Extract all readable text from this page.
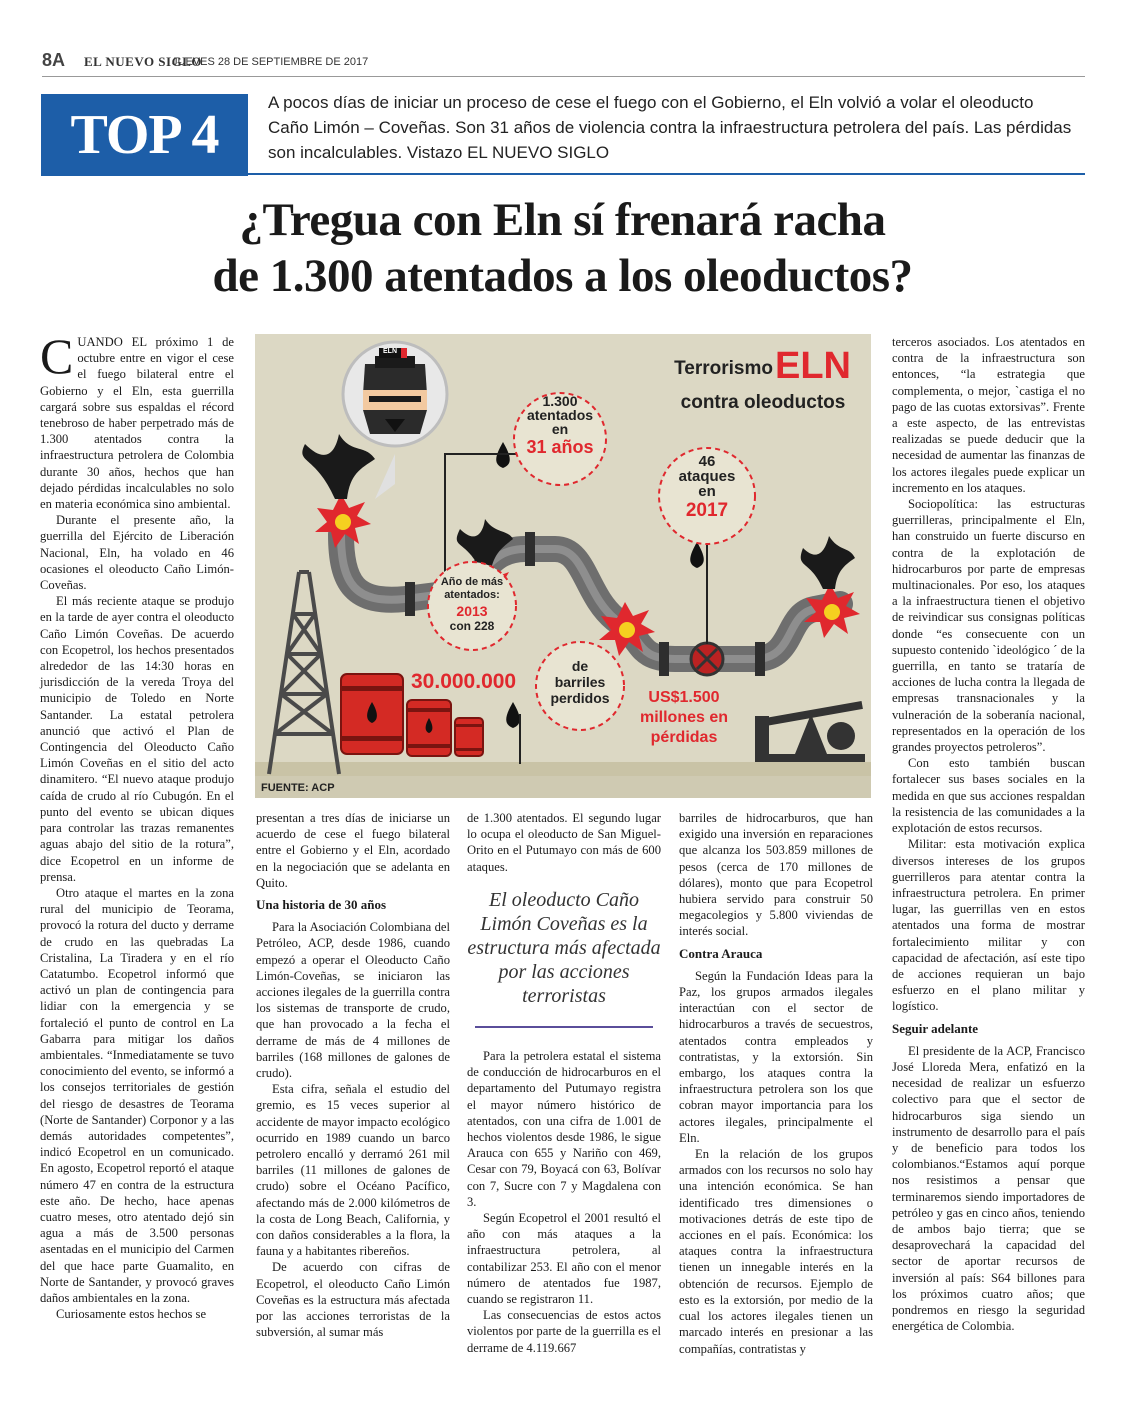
8A EL NUEVO SIGLO
JUEVES 28 DE SEPTIEMBRE DE 2017
TOP 4
A pocos días de iniciar un proceso de cese el fuego con el Gobierno, el Eln volvió a volar el oleoducto Caño Limón – Coveñas. Son 31 años de violencia contra la infraestructura petrolera del país. Las pérdidas son incalculables. Vistazo EL NUEVO SIGLO
¿Tregua con Eln sí frenará racha
de 1.300 atentados a los oleoductos?

CUANDO EL próximo 1 de octubre entre en vigor el cese el fuego bilateral entre el Gobierno y el Eln, esta guerrilla cargará sobre sus espaldas el récord tenebroso de haber perpetrado más de 1.300 atentados contra la infraestructura petrolera de Colombia durante 30 años, hechos que han dejado pérdidas incalculables no solo en materia económica sino ambiental.

Durante el presente año, la guerrilla del Ejército de Liberación Nacional, Eln, ha volado en 46 ocasiones el oleoducto Caño Limón-Coveñas.

El más reciente ataque se produjo en la tarde de ayer contra el oleoducto Caño Limón Coveñas. De acuerdo con Ecopetrol, los hechos presentados alrededor de las 14:30 horas en jurisdicción de la vereda Troya del municipio de Toledo en Norte Santander. La estatal petrolera anunció que activó el Plan de Contingencia del Oleoducto Caño Limón Coveñas en el sitio del acto dinamitero. “El nuevo ataque produjo caída de crudo al río Cubugón. En el punto del evento se ubican diques para controlar las trazas remanentes aguas abajo del sitio de la rotura”, dice Ecopetrol en un informe de prensa.

Otro ataque el martes en la zona rural del municipio de Teorama, provocó la rotura del ducto y derrame de crudo en las quebradas La Cristalina, La Tiradera y en el río Catatumbo. Ecopetrol informó que activó un plan de contingencia para lidiar con la emergencia y se fortaleció el punto de control en La Gabarra para mitigar los daños ambientales. “Inmediatamente se tuvo conocimiento del evento, se informó a los consejos territoriales de gestión del riesgo de desastres de Teorama (Norte de Santander) Corponor y a las demás autoridades competentes”, indicó Ecopetrol en un comunicado. En agosto, Ecopetrol reportó el ataque número 47 en contra de la estructura este año. De hecho, hace apenas cuatro meses, otro atentado dejó sin agua a más de 3.500 personas asentadas en el municipio del Carmen del que hace parte Guamalito, en Norte de Santander, y provocó graves daños ambientales en la zona.

Curiosamente estos hechos se

ELN
Terrorismo ELN
contra oleoductos
1.300
atentados
en
31 años
46
ataques
en
2017
Año de más
atentados:
2013
con 228
30.000.000
de
barriles
perdidos	US$1.500
millones en
pérdidas
FUENTE: ACP

presentan a tres días de iniciarse un acuerdo de cese el fuego bilateral entre el Gobierno y el Eln, acordado en la negociación que se adelanta en Quito.

Una historia de 30 años

Para la Asociación Colombiana del Petróleo, ACP, desde 1986, cuando empezó a operar el Oleoducto Caño Limón-Coveñas, se iniciaron las acciones ilegales de la guerrilla contra los sistemas de transporte de crudo, que han provocado a la fecha el derrame de más de 4 millones de barriles (168 millones de galones de crudo).

Esta cifra, señala el estudio del gremio, es 15 veces superior al accidente de mayor impacto ecológico ocurrido en 1989 cuando un barco petrolero encalló y derramó 261 mil barriles (11 millones de galones de crudo) sobre el Océano Pacífico, afectando más de 2.000 kilómetros de la costa de Long Beach, California, y con daños considerables a la flora, la fauna y a habitantes ribereños.

De acuerdo con cifras de Ecopetrol, el oleoducto Caño Limón Coveñas es la estructura más afectada por las acciones terroristas de la subversión, al sumar más

de 1.300 atentados. El segundo lugar lo ocupa el oleoducto de San Miguel-Orito en el Putumayo con más de 600 ataques.

El oleoducto Caño Limón Coveñas es la estructura más afectada por las acciones terroristas

Para la petrolera estatal el sistema de conducción de hidrocarburos en el departamento del Putumayo registra el mayor número histórico de atentados, con una cifra de 1.001 de hechos violentos desde 1986, le sigue Arauca con 655 y Nariño con 469, Cesar con 79, Boyacá con 63, Bolívar con 7, Sucre con 7 y Magdalena con 3.

Según Ecopetrol el 2001 resultó el año con más ataques a la infraestructura petrolera, al contabilizar 253. El año con el menor número de atentados fue 1987, cuando se registraron 11.

Las consecuencias de estos actos violentos por parte de la guerrilla es el derrame de 4.119.667

barriles de hidrocarburos, que han exigido una inversión en reparaciones que alcanza los 503.859 millones de pesos (cerca de 170 millones de dólares), monto que para Ecopetrol hubiera servido para construir 50 megacolegios y 5.800 viviendas de interés social.

Contra Arauca

Según la Fundación Ideas para la Paz, los grupos armados ilegales interactúan con el sector de hidrocarburos a través de secuestros, atentados contra empleados y contratistas, y la extorsión. Sin embargo, los ataques contra la infraestructura petrolera son los que cobran mayor importancia para los actores ilegales, principalmente el Eln.

En la relación de los grupos armados con los recursos no solo hay una intención económica. Se han identificado tres dimensiones o motivaciones detrás de este tipo de acciones en el país. Económica: los ataques contra la infraestructura tienen un innegable interés en la obtención de recursos. Ejemplo de esto es la extorsión, por medio de la cual los actores ilegales tienen un marcado interés en presionar a las compañías, contratistas y

terceros asociados. Los atentados en contra de la infraestructura son entonces, “la estrategia que complementa, o mejor, `castiga el no pago de las cuotas extorsivas”. Frente a este aspecto, de las entrevistas realizadas se puede deducir que la necesidad de aumentar las finanzas de los actores ilegales puede explicar un incremento en los ataques.

Sociopolítica: las estructuras guerrilleras, principalmente el Eln, han construido un fuerte discurso en contra de la explotación de hidrocarburos por parte de empresas multinacionales. Por eso, los ataques a la infraestructura tienen el objetivo de reivindicar sus consignas políticas donde “es consecuente con un supuesto contenido `ideológico ´ de la guerrilla, en tanto se trataría de acciones de lucha contra la llegada de empresas transnacionales y la vulneración de la soberanía nacional, representados en la operación de los grandes proyectos petroleros”.

Con esto también buscan fortalecer sus bases sociales en la medida en que sus acciones respaldan la resistencia de las comunidades a la explotación de estos recursos.

Militar: esta motivación explica diversos intereses de los grupos guerrilleros para atentar contra la infraestructura petrolera. En primer lugar, las guerrillas ven en estos atentados una forma de mostrar fortalecimiento militar y con capacidad de afectación, así este tipo de acciones requieran un bajo esfuerzo en el plano militar y logístico.

Seguir adelante

El presidente de la ACP, Francisco José Lloreda Mera, enfatizó en la necesidad de realizar un esfuerzo colectivo para que el sector de hidrocarburos siga siendo un instrumento de desarrollo para el país y de beneficio para todos los colombianos.“Estamos aquí porque nos resistimos a pensar que terminaremos siendo importadores de petróleo y gas en cinco años, teniendo de ambos bajo tierra; que se desaprovechará la capacidad del sector de aportar recursos de inversión al país: S64 billones para los próximos cuatro años; que pondremos en riesgo la seguridad energética de Colombia.
